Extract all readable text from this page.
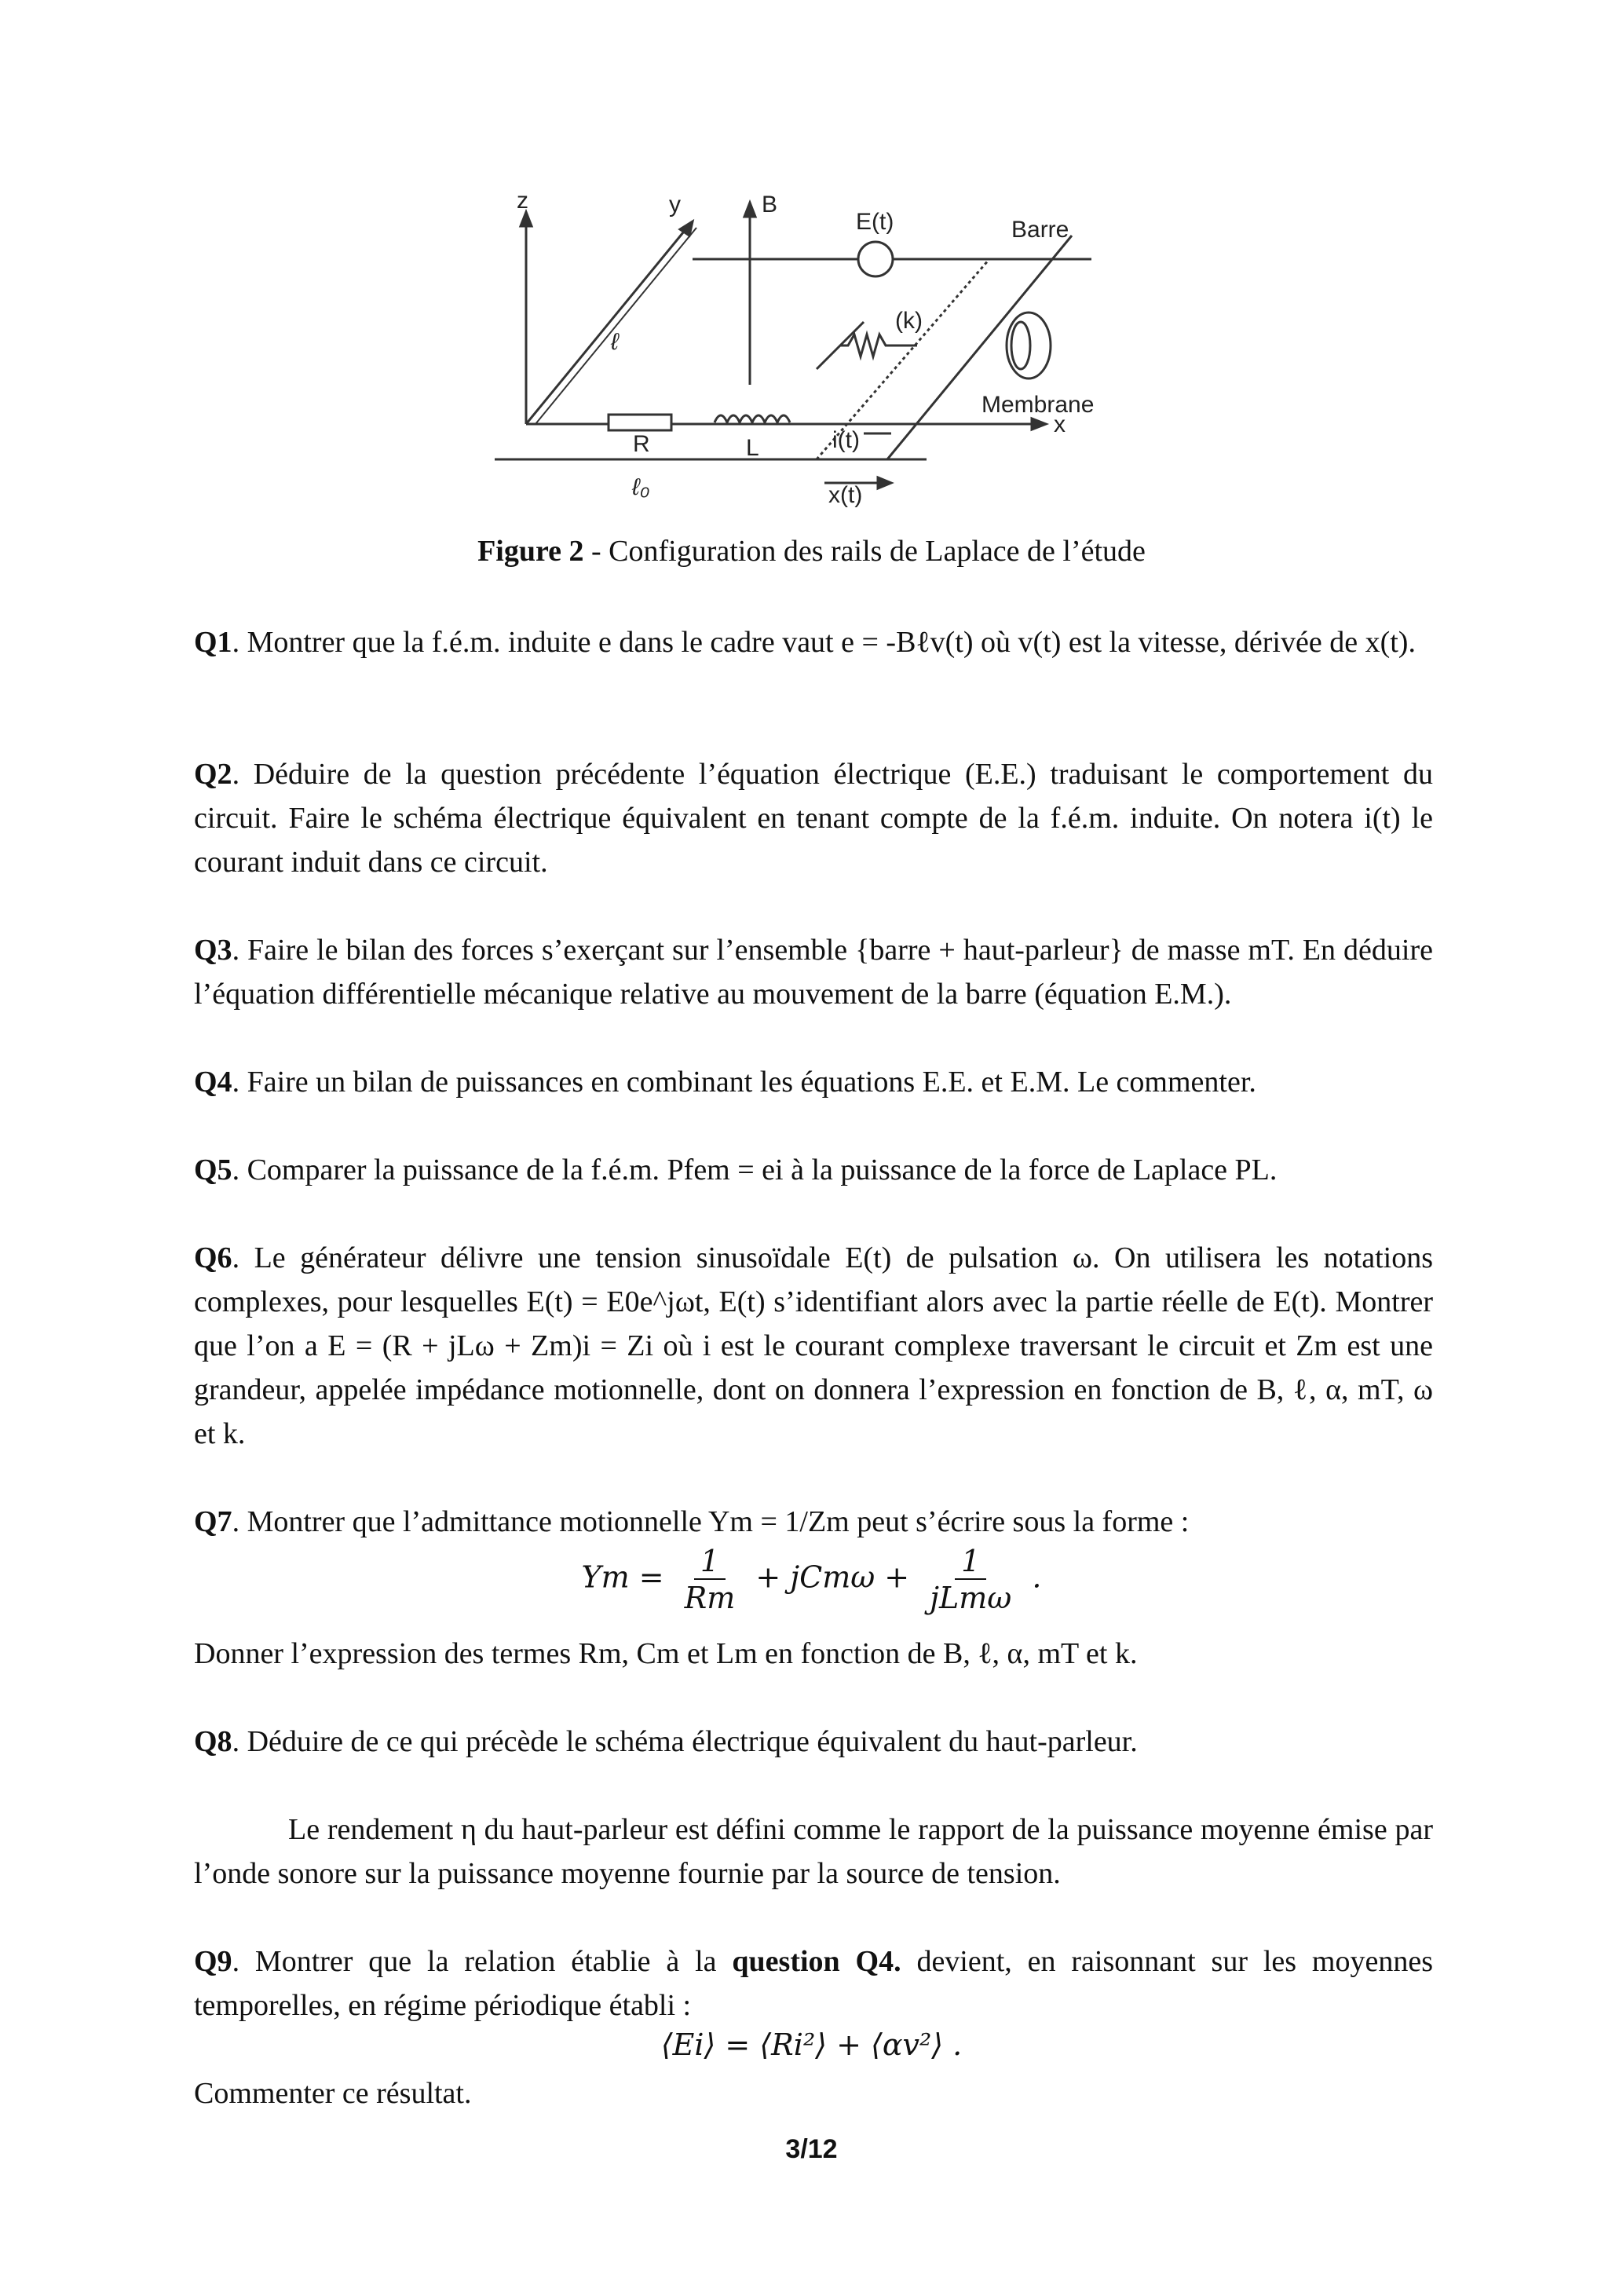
z	y
x
B
E(t)	Barre
(k)
Membrane
R	L	i(t)
x(t)
ℓ
ℓ₀
Figure 2 - Configuration des rails de Laplace de l’étude
Q1. Montrer que la f.é.m. induite e dans le cadre vaut e = -Bℓv(t) où v(t) est la vitesse, dérivée de x(t).
Q2. Déduire de la question précédente l’équation électrique (E.E.) traduisant le comportement du circuit. Faire le schéma électrique équivalent en tenant compte de la f.é.m. induite. On notera i(t) le courant induit dans ce circuit.
Q3. Faire le bilan des forces s’exerçant sur l’ensemble {barre + haut-parleur} de masse mT. En déduire l’équation différentielle mécanique relative au mouvement de la barre (équation E.M.).
Q4. Faire un bilan de puissances en combinant les équations E.E. et E.M. Le commenter.
Q5. Comparer la puissance de la f.é.m. Pfem = ei à la puissance de la force de Laplace PL.
Q6. Le générateur délivre une tension sinusoïdale E(t) de pulsation ω. On utilisera les notations complexes, pour lesquelles E(t) = E0e^jωt, E(t) s’identifiant alors avec la partie réelle de E(t). Montrer que l’on a E = (R + jLω + Zm)i = Zi où i est le courant complexe traversant le circuit et Zm est une grandeur, appelée impédance motionnelle, dont on donnera l’expression en fonction de B, ℓ, α, mT, ω et k.
Q7. Montrer que l’admittance motionnelle Ym = 1/Zm peut s’écrire sous la forme :
$Ym = \frac{1}{Rm} + jCm\omega + \frac{1}{\text{jLmω}}$ .
Donner l’expression des termes Rm, Cm et Lm en fonction de B, ℓ, α, mT et k.
Q8. Déduire de ce qui précède le schéma électrique équivalent du haut-parleur.
Le rendement η du haut-parleur est défini comme le rapport de la puissance moyenne émise par l’onde sonore sur la puissance moyenne fournie par la source de tension.
Q9. Montrer que la relation établie à la question Q4. devient, en raisonnant sur les moyennes temporelles, en régime périodique établi :
⟨Ei⟩ = ⟨Ri²⟩ + ⟨αv²⟩ .
Commenter ce résultat.
3/12
